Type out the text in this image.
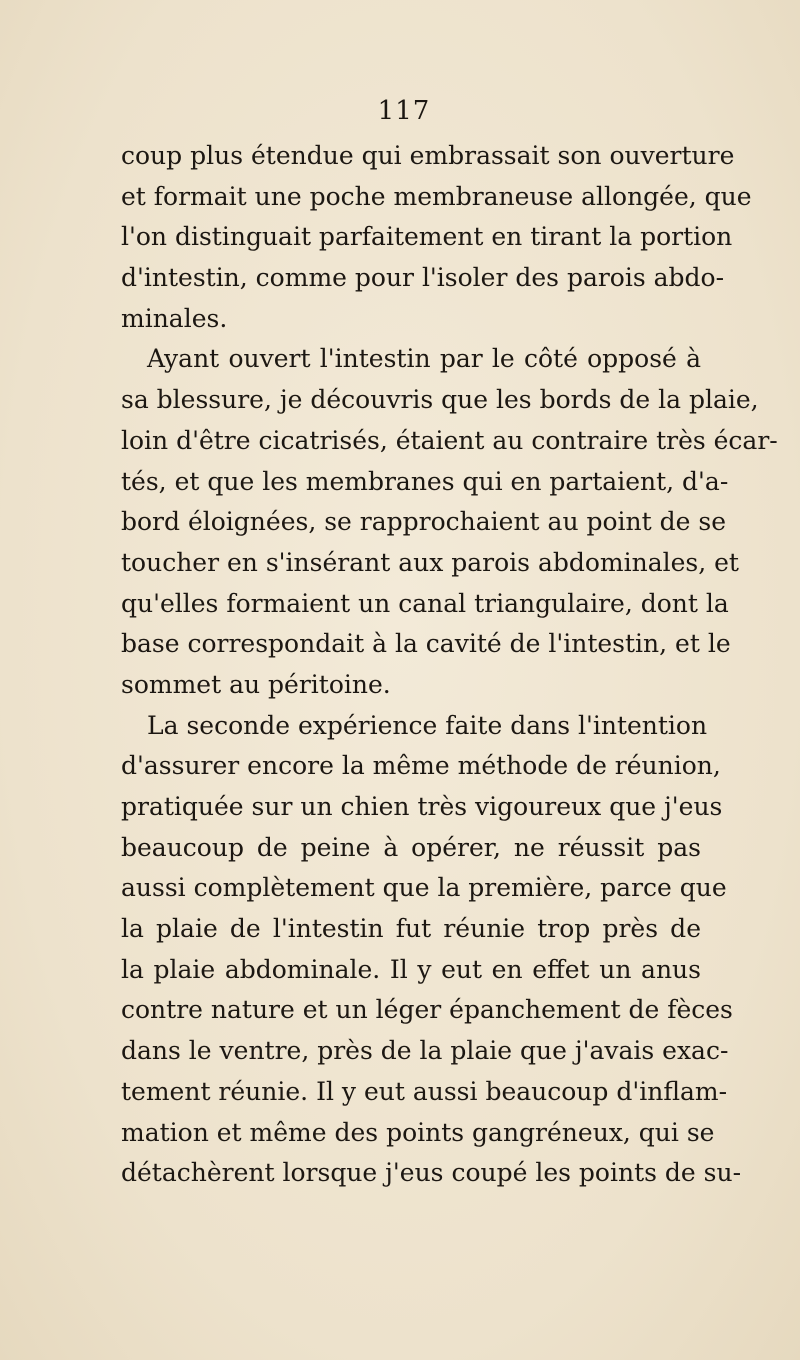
117
coup plus étendue qui embrassait son ouverture
et formait une poche membraneuse allongée, que
l'on distinguait parfaitement en tirant la portion
d'intestin, comme pour l'isoler des parois abdo-
minales.
Ayant ouvert l'intestin par le côté opposé à
sa blessure, je découvris que les bords de la plaie,
loin d'être cicatrisés, étaient au contraire très écar-
tés, et que les membranes qui en partaient, d'a-
bord éloignées, se rapprochaient au point de se
toucher en s'insérant aux parois abdominales, et
qu'elles formaient un canal triangulaire, dont la
base correspondait à la cavité de l'intestin, et le
sommet au péritoine.
La seconde expérience faite dans l'intention
d'assurer encore la même méthode de réunion,
pratiquée sur un chien très vigoureux que j'eus
beaucoup de peine à opérer, ne réussit pas
aussi complètement que la première, parce que
la plaie de l'intestin fut réunie trop près de
la plaie abdominale. Il y eut en effet un anus
contre nature et un léger épanchement de fèces
dans le ventre, près de la plaie que j'avais exac-
tement réunie. Il y eut aussi beaucoup d'inflam-
mation et même des points gangréneux, qui se
détachèrent lorsque j'eus coupé les points de su-
